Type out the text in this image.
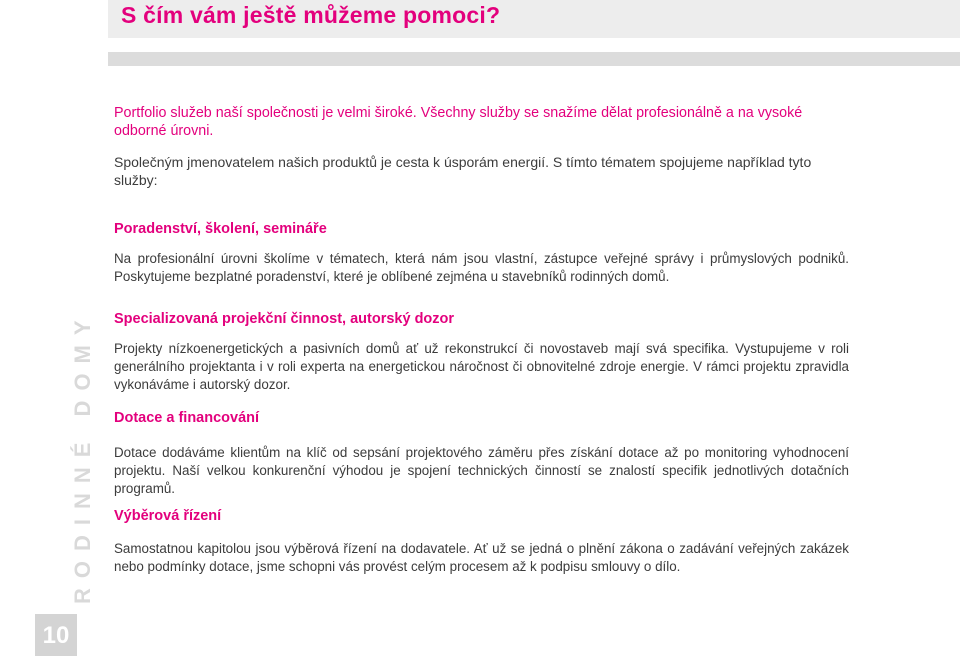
S čím vám ještě můžeme pomoci?

Portfolio služeb naší společnosti je velmi široké. Všechny služby se snažíme dělat profesionálně a na vysoké odborné úrovni.

Společným jmenovatelem našich produktů je cesta k úsporám energií. S tímto tématem spojujeme například tyto služby:

Poradenství, školení, semináře

Na profesionální úrovni školíme v tématech, která nám jsou vlastní, zástupce veřejné správy i průmyslových podniků. Poskytujeme bezplatné poradenství, které je oblíbené zejména u stavebníků rodinných domů.

Specializovaná projekční činnost, autorský dozor

Projekty nízkoenergetických a pasivních domů ať už rekonstrukcí či novostaveb mají svá specifika. Vystupujeme v roli generálního projektanta i v roli experta na energetickou náročnost či obnovitelné zdroje energie. V rámci projektu zpravidla vykonáváme i autorský dozor.

Dotace a financování

Dotace dodáváme klientům na klíč od sepsání projektového záměru přes získání dotace až po monitoring vyhodnocení projektu. Naší velkou konkurenční výhodou je spojení technických činností se znalostí specifik jednotlivých dotačních programů.

Výběrová řízení

Samostatnou kapitolou jsou výběrová řízení na dodavatele. Ať už se jedná o plnění zákona o zadávání veřejných zakázek nebo podmínky dotace, jsme schopni vás provést celým procesem až k podpisu smlouvy o dílo.

RODINNÉ DOMY
10
